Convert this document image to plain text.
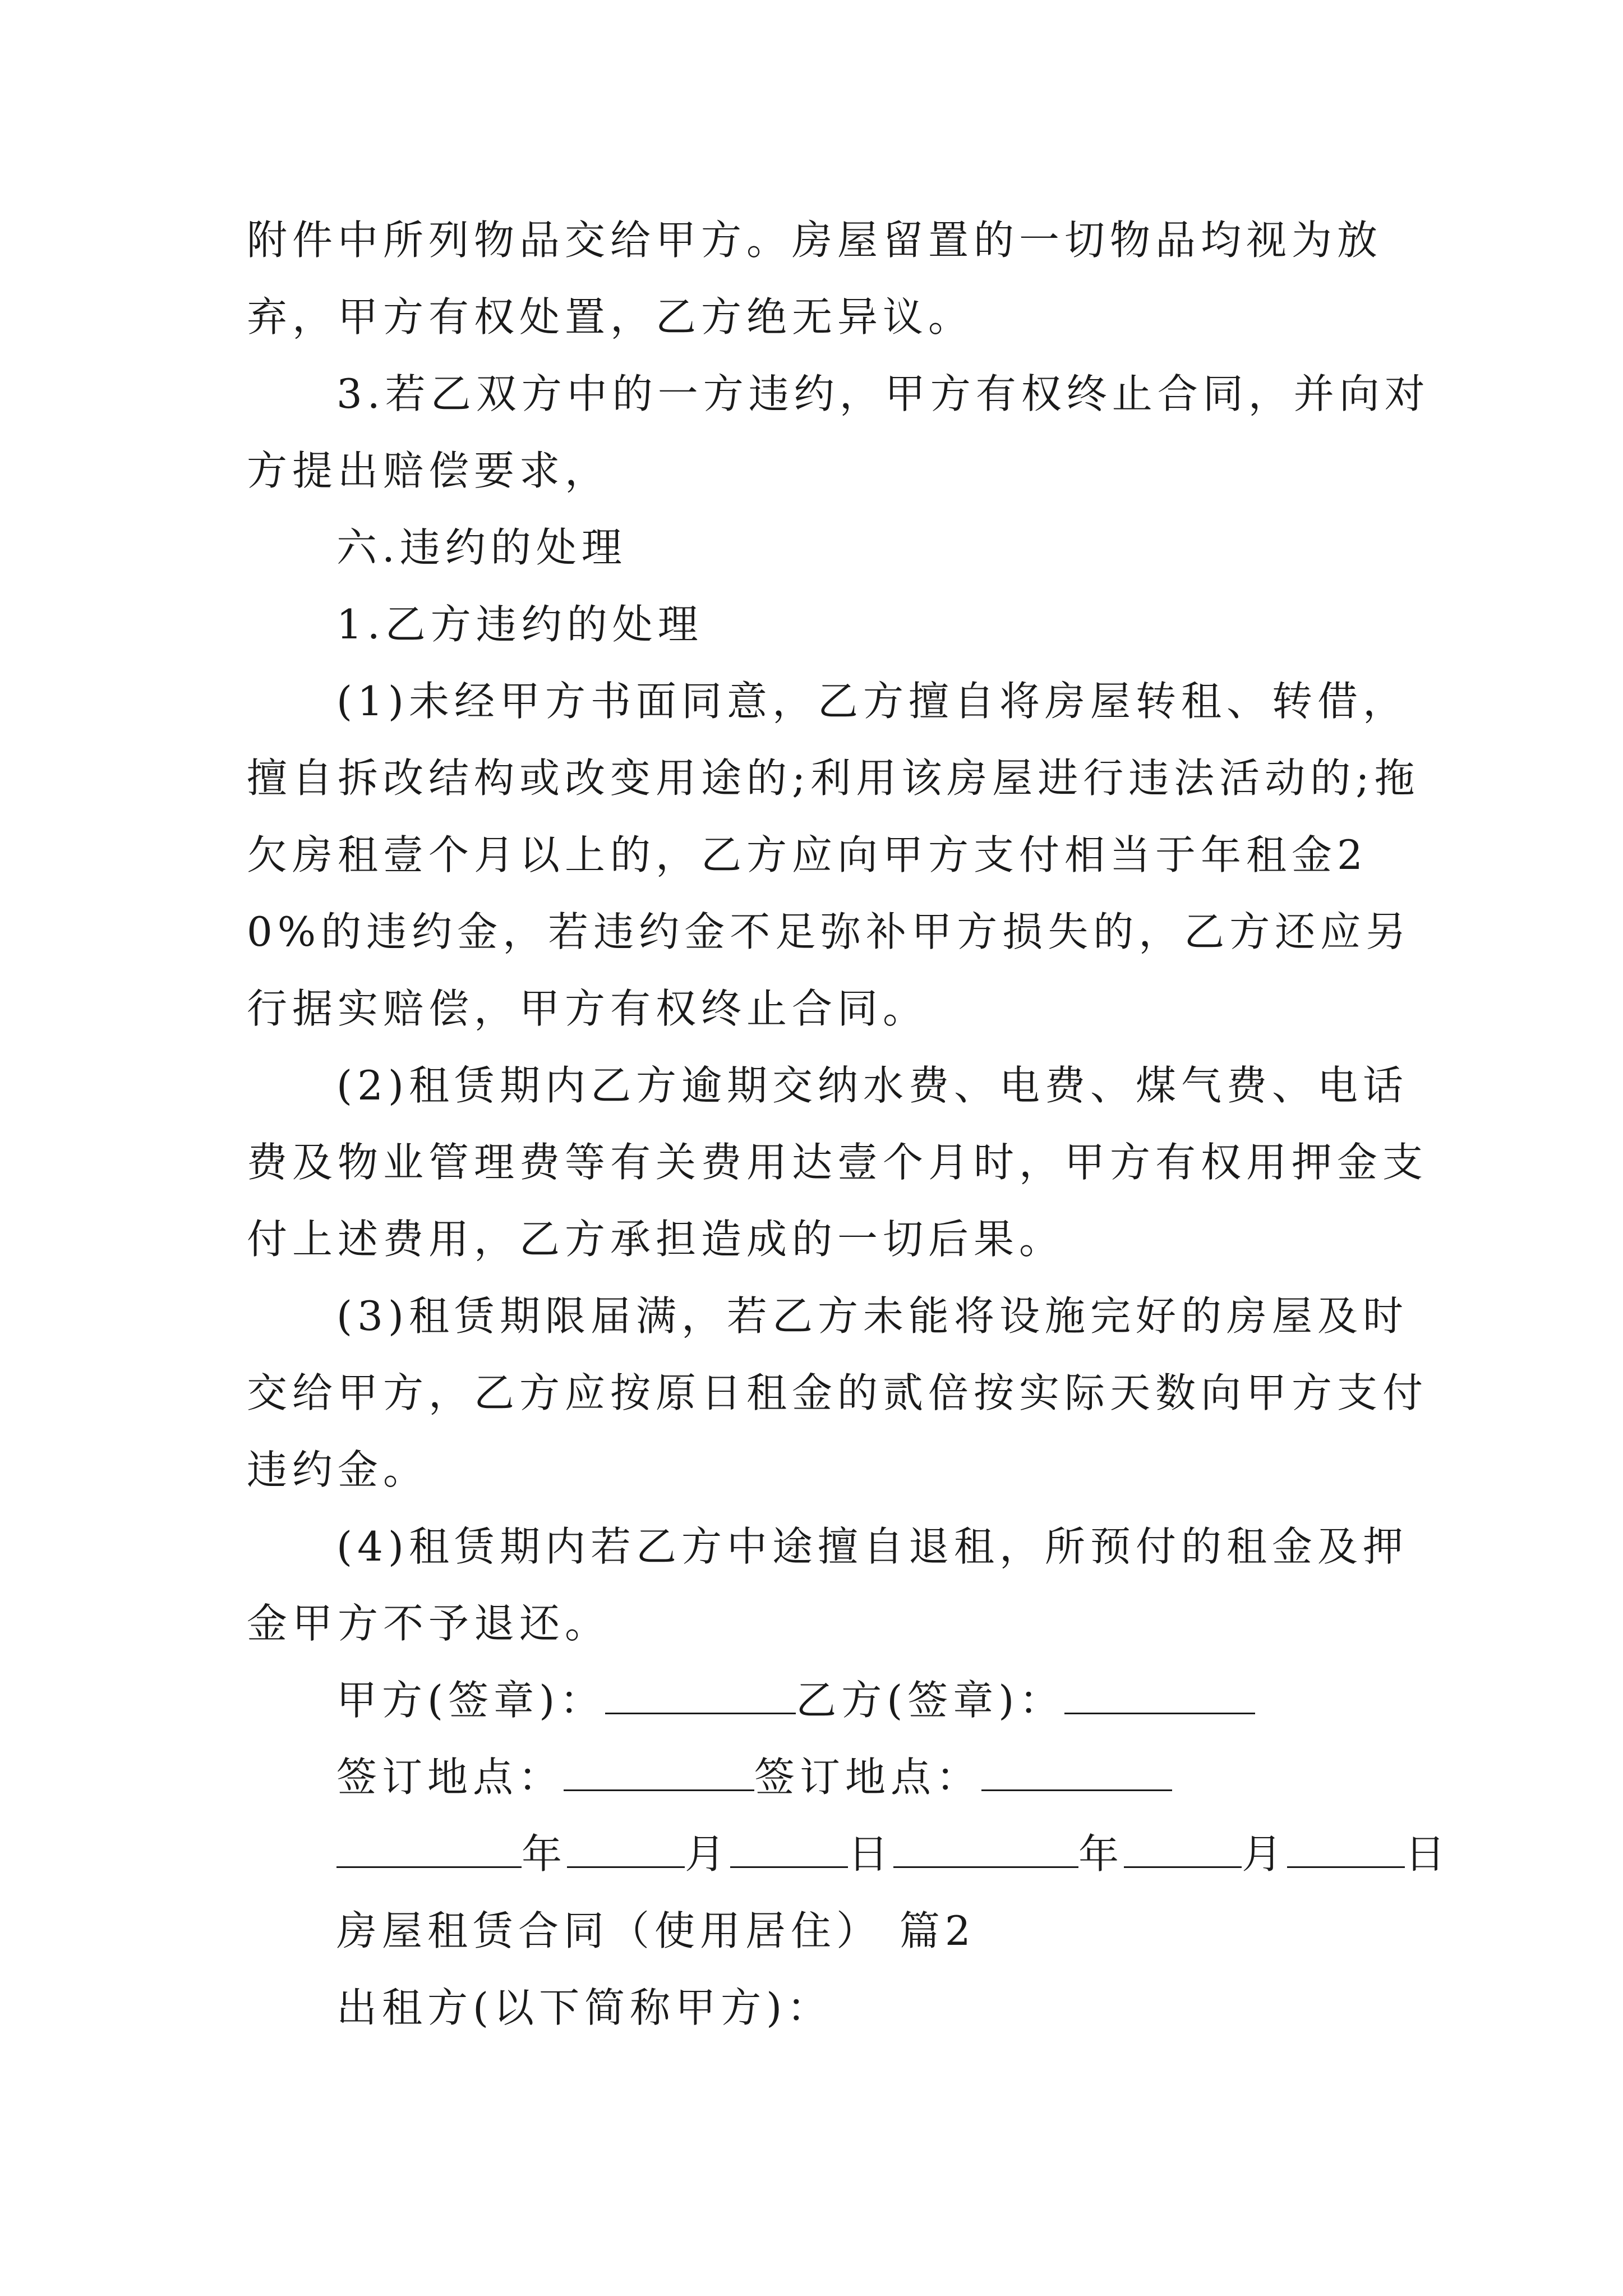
附件中所列物品交给甲方。房屋留置的一切物品均视为放弃，甲方有权处置，乙方绝无异议。

3.若乙双方中的一方违约，甲方有权终止合同，并向对方提出赔偿要求，

六.违约的处理

1.乙方违约的处理

(1)未经甲方书面同意，乙方擅自将房屋转租、转借，擅自拆改结构或改变用途的;利用该房屋进行违法活动的;拖欠房租壹个月以上的，乙方应向甲方支付相当于年租金20%的违约金，若违约金不足弥补甲方损失的，乙方还应另行据实赔偿，甲方有权终止合同。

(2)租赁期内乙方逾期交纳水费、电费、煤气费、电话费及物业管理费等有关费用达壹个月时，甲方有权用押金支付上述费用，乙方承担造成的一切后果。

(3)租赁期限届满，若乙方未能将设施完好的房屋及时交给甲方，乙方应按原日租金的贰倍按实际天数向甲方支付违约金。

(4)租赁期内若乙方中途擅自退租，所预付的租金及押金甲方不予退还。

甲方(签章)：	乙方(签章)：

签订地点：	签订地点：

年	月	日	年	月	日

房屋租赁合同（使用居住） 篇2

出租方(以下简称甲方)：
